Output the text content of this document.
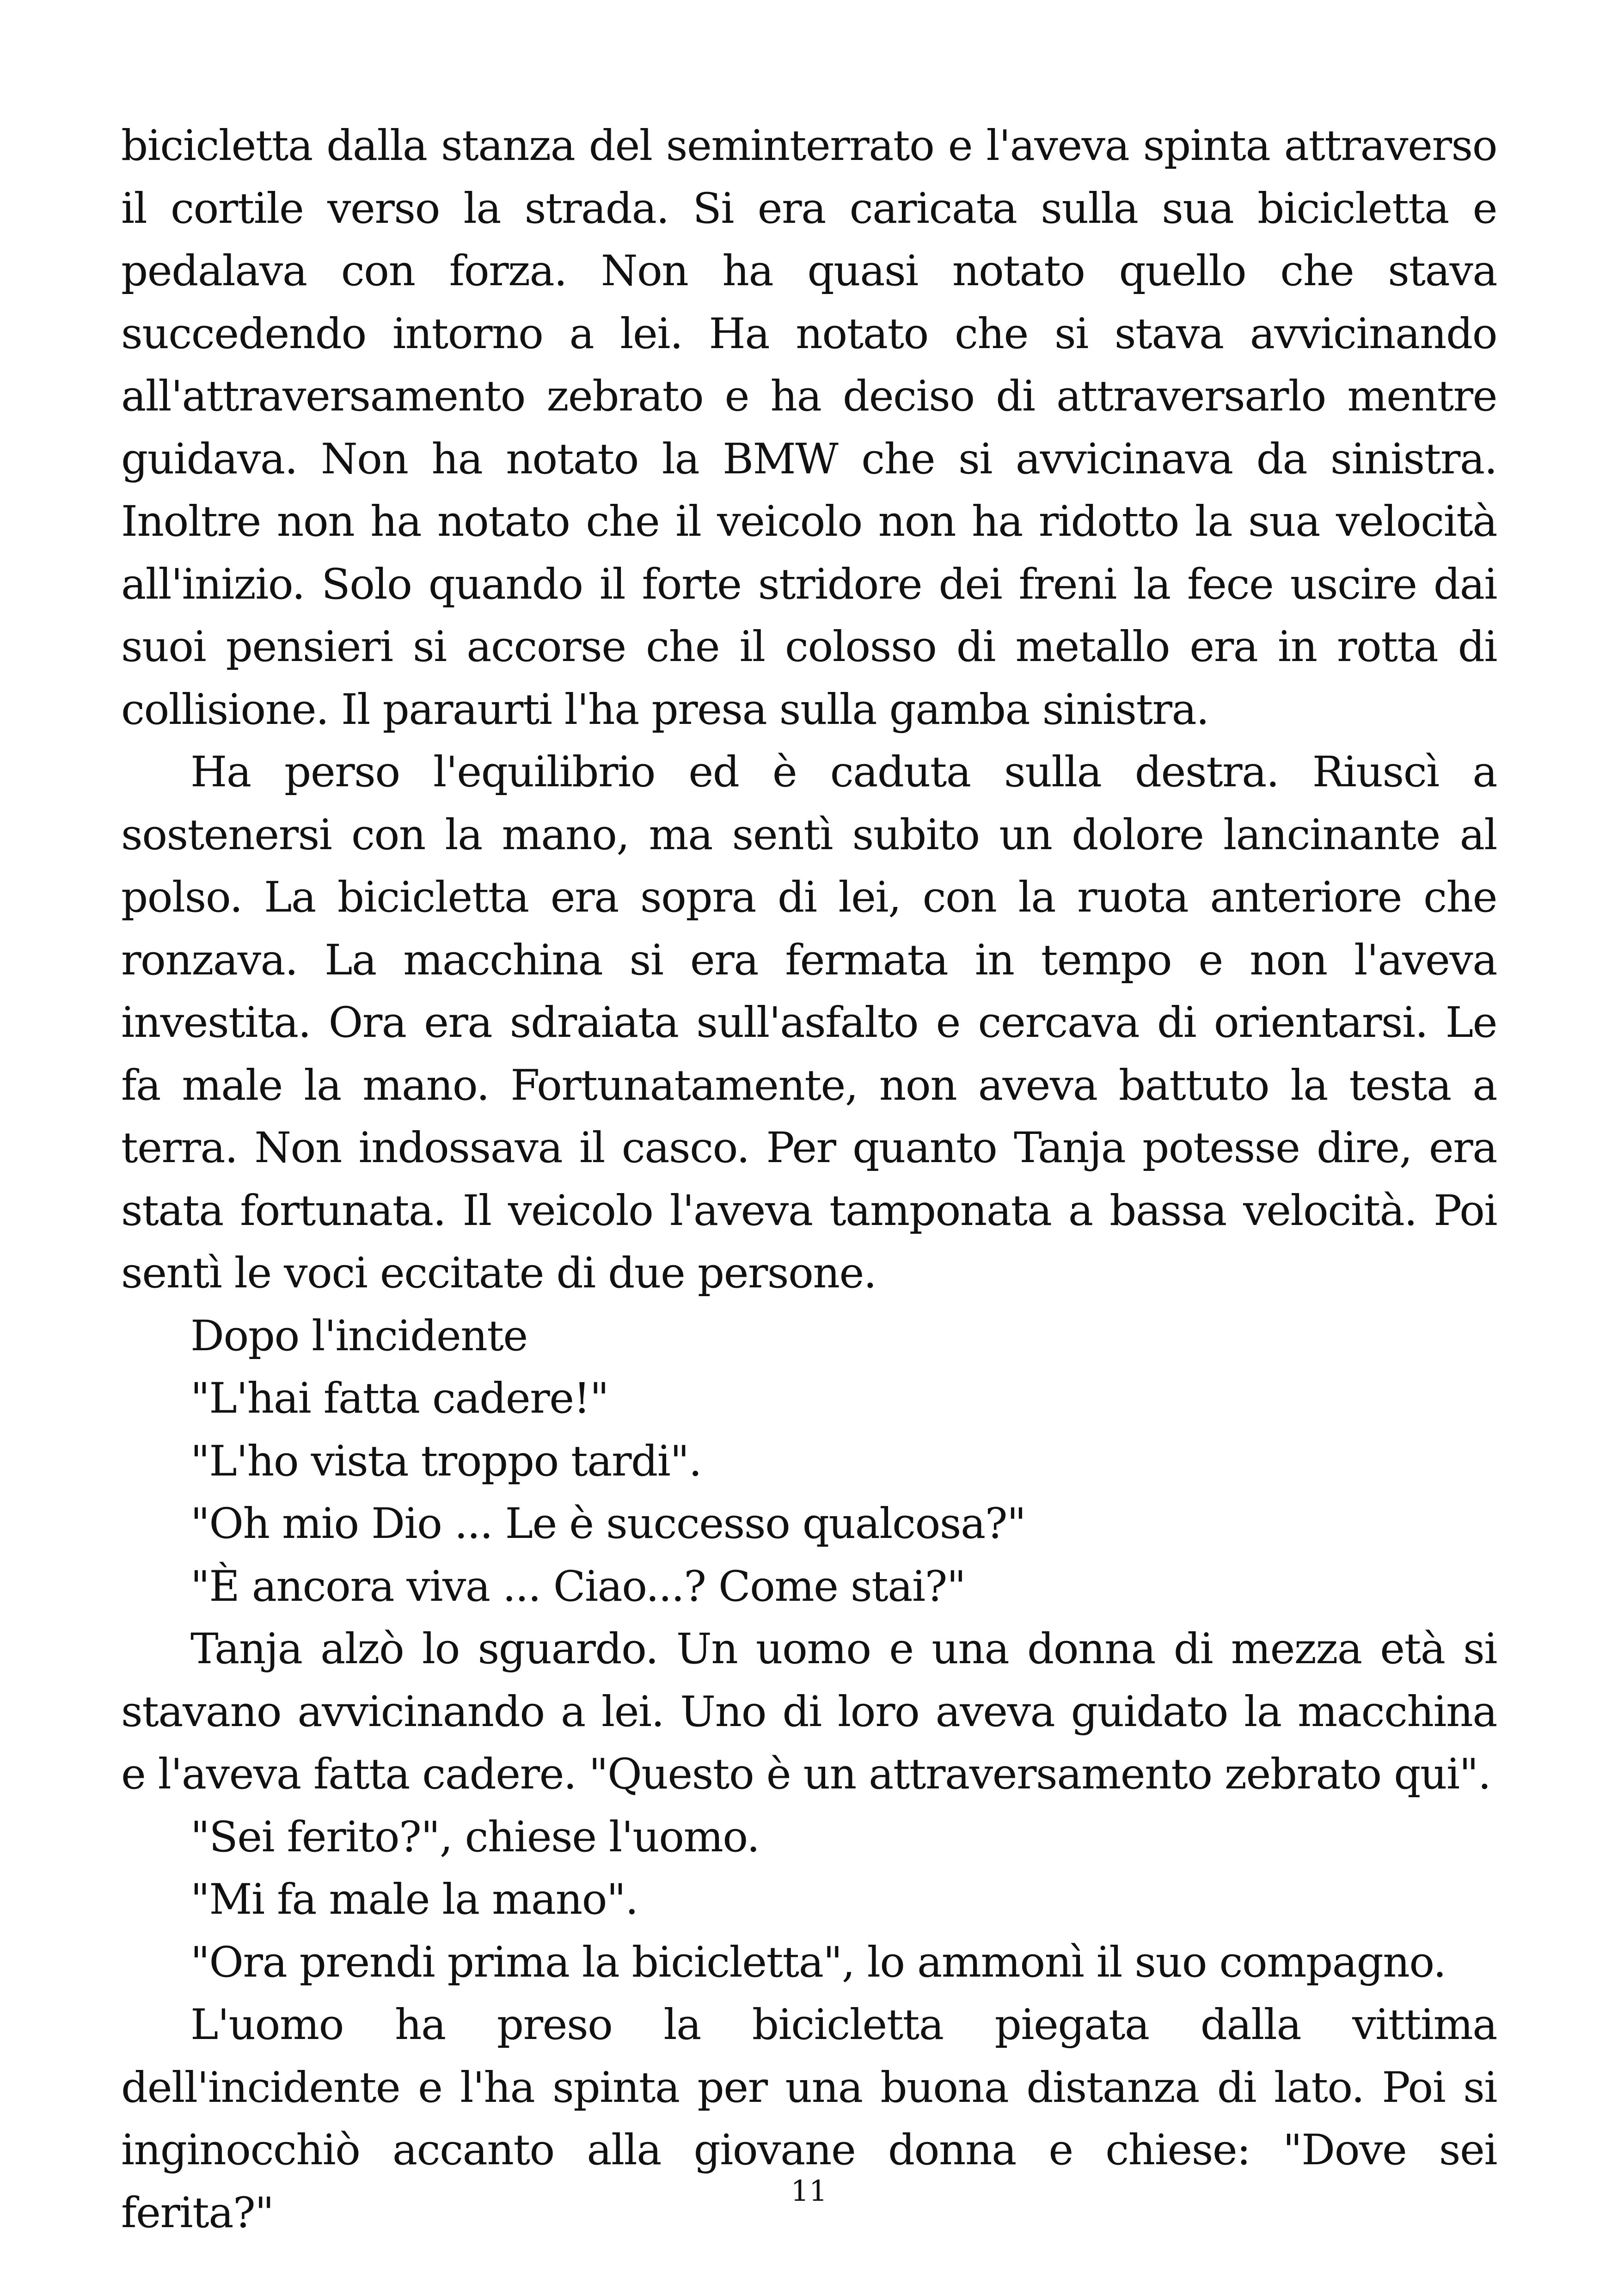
bicicletta dalla stanza del seminterrato e l'aveva spinta attraverso il cortile verso la strada. Si era caricata sulla sua bicicletta e pedalava con forza. Non ha quasi notato quello che stava succedendo intorno a lei. Ha notato che si stava avvicinando all'attraversamento zebrato e ha deciso di attraversarlo mentre guidava. Non ha notato la BMW che si avvicinava da sinistra. Inoltre non ha notato che il veicolo non ha ridotto la sua velocità all'inizio. Solo quando il forte stridore dei freni la fece uscire dai suoi pensieri si accorse che il colosso di metallo era in rotta di collisione. Il paraurti l'ha presa sulla gamba sinistra.

Ha perso l'equilibrio ed è caduta sulla destra. Riuscì a sostenersi con la mano, ma sentì subito un dolore lancinante al polso. La bicicletta era sopra di lei, con la ruota anteriore che ronzava. La macchina si era fermata in tempo e non l'aveva investita. Ora era sdraiata sull'asfalto e cercava di orientarsi. Le fa male la mano. Fortunatamente, non aveva battuto la testa a terra. Non indossava il casco. Per quanto Tanja potesse dire, era stata fortunata. Il veicolo l'aveva tamponata a bassa velocità. Poi sentì le voci eccitate di due persone.

Dopo l'incidente

"L'hai fatta cadere!"

"L'ho vista troppo tardi".

"Oh mio Dio ... Le è successo qualcosa?"

"È ancora viva ... Ciao...? Come stai?"

Tanja alzò lo sguardo. Un uomo e una donna di mezza età si stavano avvicinando a lei. Uno di loro aveva guidato la macchina e l'aveva fatta cadere. "Questo è un attraversamento zebrato qui".

"Sei ferito?", chiese l'uomo.

"Mi fa male la mano".

"Ora prendi prima la bicicletta", lo ammonì il suo compagno.

L'uomo ha preso la bicicletta piegata dalla vittima dell'incidente e l'ha spinta per una buona distanza di lato. Poi si inginocchiò accanto alla giovane donna e chiese: "Dove sei ferita?"	11
